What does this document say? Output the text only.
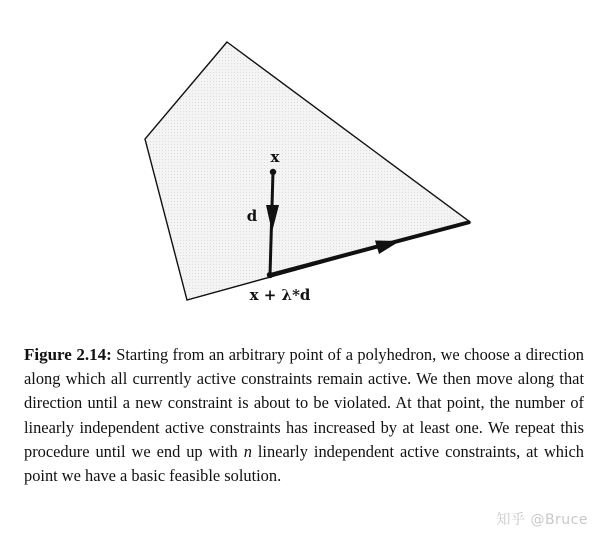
x
d
x + λ*d
Figure 2.14: Starting from an arbitrary point of a polyhedron, we choose a direction along which all currently active constraints remain active. We then move along that direction until a new constraint is about to be violated. At that point, the number of linearly independent active constraints has increased by at least one. We repeat this procedure until we end up with n linearly independent active constraints, at which point we have a basic feasible solution.
知乎 @Bruce
